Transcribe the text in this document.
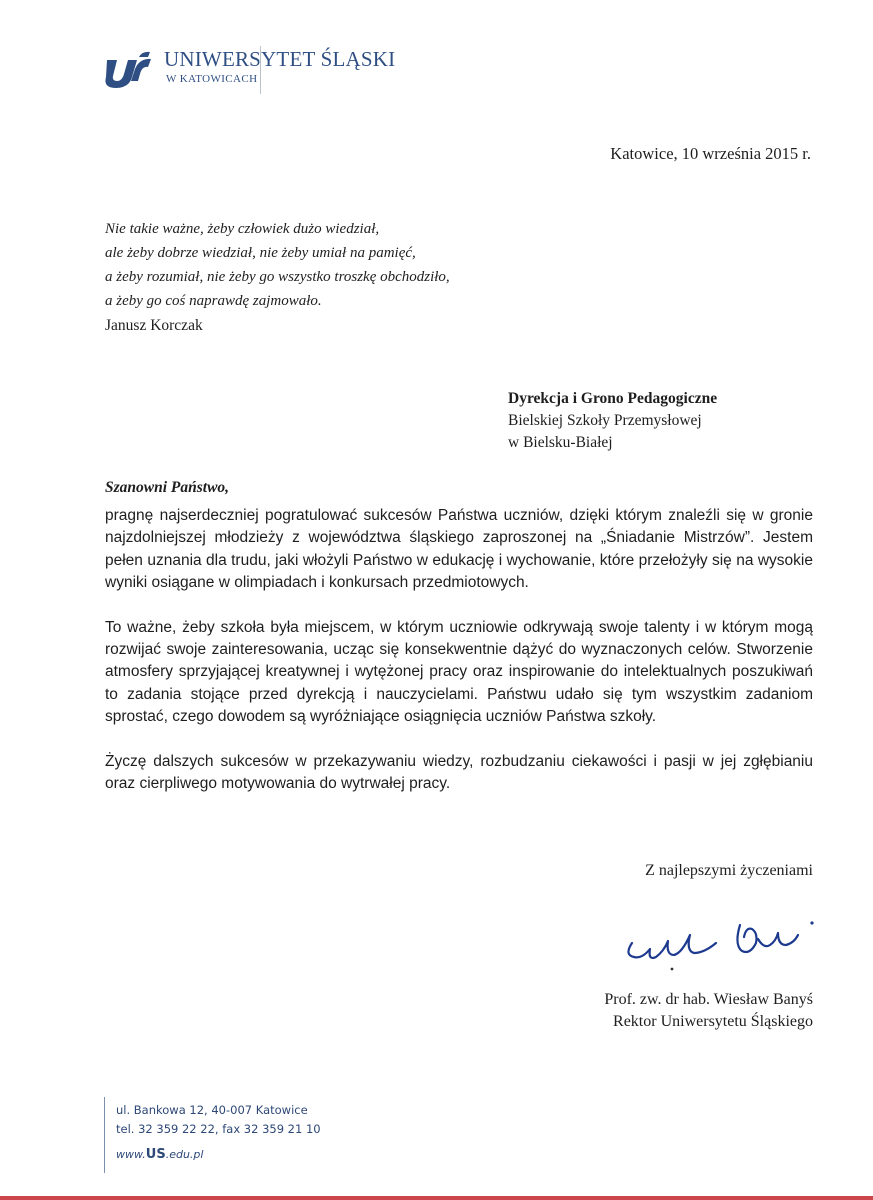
UNIWERSYTET ŚLĄSKI
W KATOWICACH
Katowice, 10 września 2015 r.
Nie takie ważne, żeby człowiek dużo wiedział,
ale żeby dobrze wiedział, nie żeby umiał na pamięć,
a żeby rozumiał, nie żeby go wszystko troszkę obchodziło,
a żeby go coś naprawdę zajmowało.
Janusz Korczak
Dyrekcja i Grono Pedagogiczne
Bielskiej Szkoły Przemysłowej
w Bielsku-Białej
Szanowni Państwo,

pragnę najserdeczniej pogratulować sukcesów Państwa uczniów, dzięki którym znaleźli się w gronie najzdolniejszej młodzieży z województwa śląskiego zaproszonej na „Śniadanie Mistrzów”. Jestem pełen uznania dla trudu, jaki włożyli Państwo w edukację i wychowanie, które przełożyły się na wysokie wyniki osiągane w olimpiadach i konkursach przedmiotowych.

To ważne, żeby szkoła była miejscem, w którym uczniowie odkrywają swoje talenty i w którym mogą rozwijać swoje zainteresowania, ucząc się konsekwentnie dążyć do wyznaczonych celów. Stworzenie atmosfery sprzyjającej kreatywnej i wytężonej pracy oraz inspirowanie do intelektualnych poszukiwań to zadania stojące przed dyrekcją i nauczycielami. Państwu udało się tym wszystkim zadaniom sprostać, czego dowodem są wyróżniające osiągnięcia uczniów Państwa szkoły.

Życzę dalszych sukcesów w przekazywaniu wiedzy, rozbudzaniu ciekawości i pasji w jej zgłębianiu oraz cierpliwego motywowania do wytrwałej pracy.

Z najlepszymi życzeniami
Prof. zw. dr hab. Wiesław Banyś
Rektor Uniwersytetu Śląskiego
ul. Bankowa 12, 40-007 Katowice
tel. 32 359 22 22, fax 32 359 21 10
www.US.edu.pl
